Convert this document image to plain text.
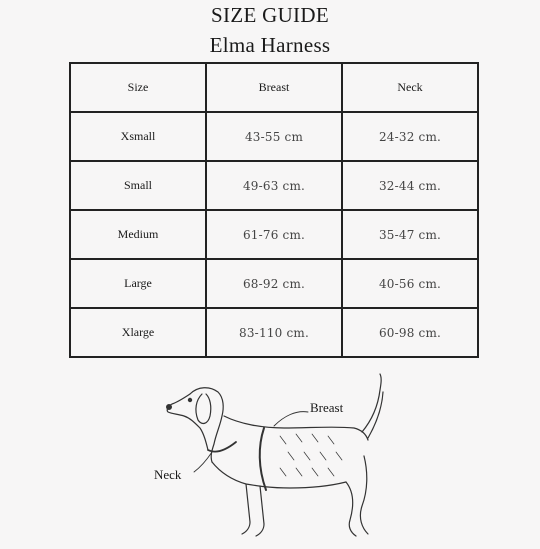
SIZE GUIDE
Elma Harness
Size	Breast	Neck
Xsmall	43-55 cm	24-32 cm.
Small	49-63 cm.	32-44 cm.
Medium	61-76 cm.	35-47 cm.
Large	68-92 cm.	40-56 cm.
Xlarge	83-110 cm.	60-98 cm.
Breast
Neck
